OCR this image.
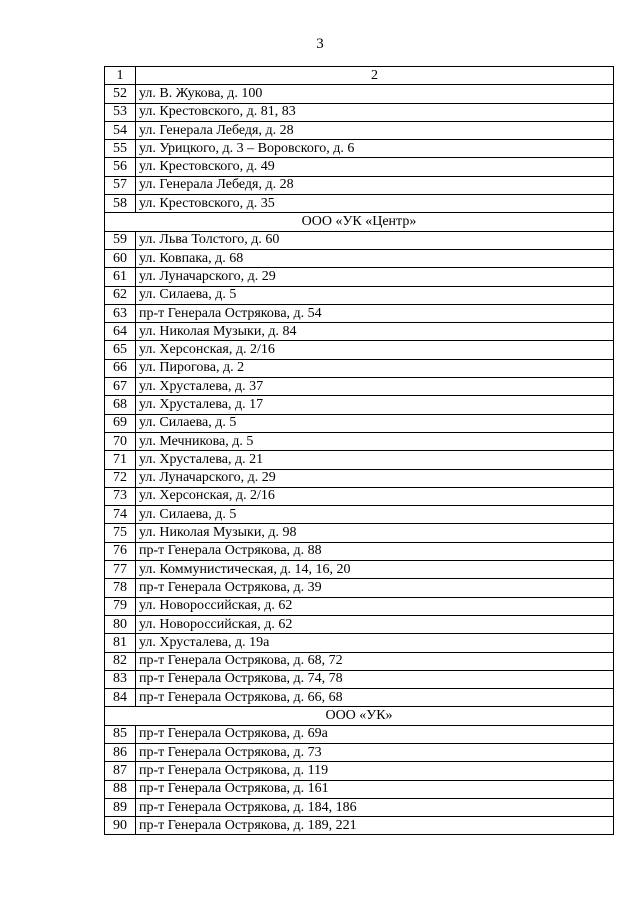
3
1	2
52	ул. В. Жукова, д. 100
53	ул. Крестовского, д. 81, 83
54	ул. Генерала Лебедя, д. 28
55	ул. Урицкого, д. 3 – Воровского, д. 6
56	ул. Крестовского, д. 49
57	ул. Генерала Лебедя, д. 28
58	ул. Крестовского, д. 35
ООО «УК «Центр»	
59	ул. Льва Толстого, д. 60
60	ул. Ковпака, д. 68
61	ул. Луначарского, д. 29
62	ул. Силаева, д. 5
63	пр-т Генерала Острякова, д. 54
64	ул. Николая Музыки, д. 84
65	ул. Херсонская, д. 2/16
66	ул. Пирогова, д. 2
67	ул. Хрусталева, д. 37
68	ул. Хрусталева, д. 17
69	ул. Силаева, д. 5
70	ул. Мечникова, д. 5
71	ул. Хрусталева, д. 21
72	ул. Луначарского, д. 29
73	ул. Херсонская, д. 2/16
74	ул. Силаева, д. 5
75	ул. Николая Музыки, д. 98
76	пр-т Генерала Острякова, д. 88
77	ул. Коммунистическая, д. 14, 16, 20
78	пр-т Генерала Острякова, д. 39
79	ул. Новороссийская, д. 62
80	ул. Новороссийская, д. 62
81	ул. Хрусталева, д. 19а
82	пр-т Генерала Острякова, д. 68, 72
83	пр-т Генерала Острякова, д. 74, 78
84	пр-т Генерала Острякова, д. 66, 68
ООО «УК»	
85	пр-т Генерала Острякова, д. 69а
86	пр-т Генерала Острякова, д. 73
87	пр-т Генерала Острякова, д. 119
88	пр-т Генерала Острякова, д. 161
89	пр-т Генерала Острякова, д. 184, 186
90	пр-т Генерала Острякова, д. 189, 221
